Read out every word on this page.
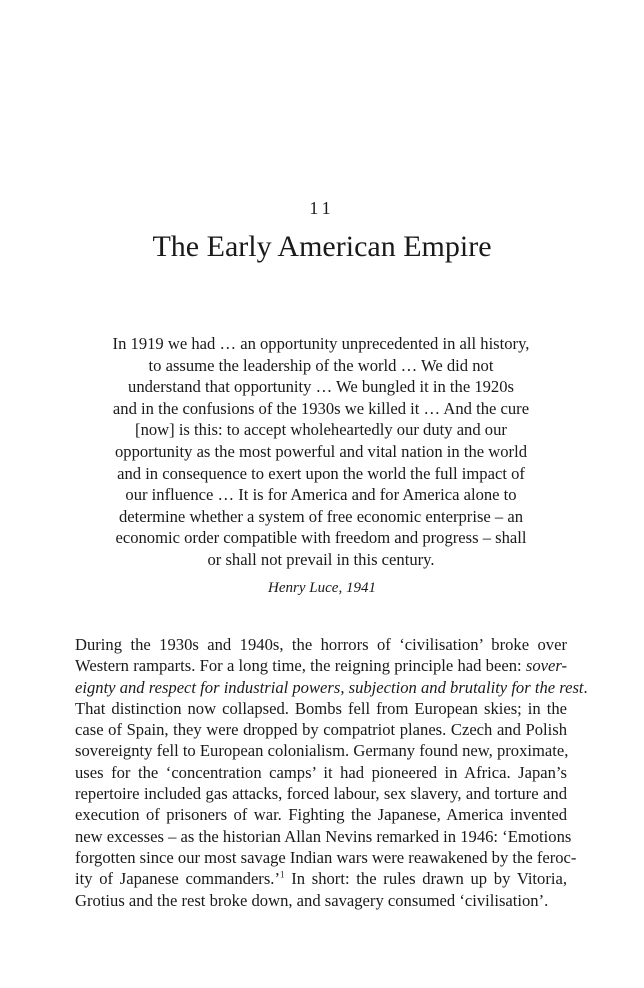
11
The Early American Empire
In 1919 we had … an opportunity unprecedented in all history,
to assume the leadership of the world … We did not
understand that opportunity … We bungled it in the 1920s
and in the confusions of the 1930s we killed it … And the cure
[now] is this: to accept wholeheartedly our duty and our
opportunity as the most powerful and vital nation in the world
and in consequence to exert upon the world the full impact of
our influence … It is for America and for America alone to
determine whether a system of free economic enterprise – an
economic order compatible with freedom and progress – shall
or shall not prevail in this century.
Henry Luce, 1941
During the 1930s and 1940s, the horrors of ‘civilisation’ broke over
Western ramparts. For a long time, the reigning principle had been: sover-
eignty and respect for industrial powers, subjection and brutality for the rest.
That distinction now collapsed. Bombs fell from European skies; in the
case of Spain, they were dropped by compatriot planes. Czech and Polish
sovereignty fell to European colonialism. Germany found new, proximate,
uses for the ‘concentration camps’ it had pioneered in Africa. Japan’s
repertoire included gas attacks, forced labour, sex slavery, and torture and
execution of prisoners of war. Fighting the Japanese, America invented
new excesses – as the historian Allan Nevins remarked in 1946: ‘Emotions
forgotten since our most savage Indian wars were reawakened by the feroc-
ity of Japanese commanders.’$^1$ In short: the rules drawn up by Vitoria,
Grotius and the rest broke down, and savagery consumed ‘civilisation’.
